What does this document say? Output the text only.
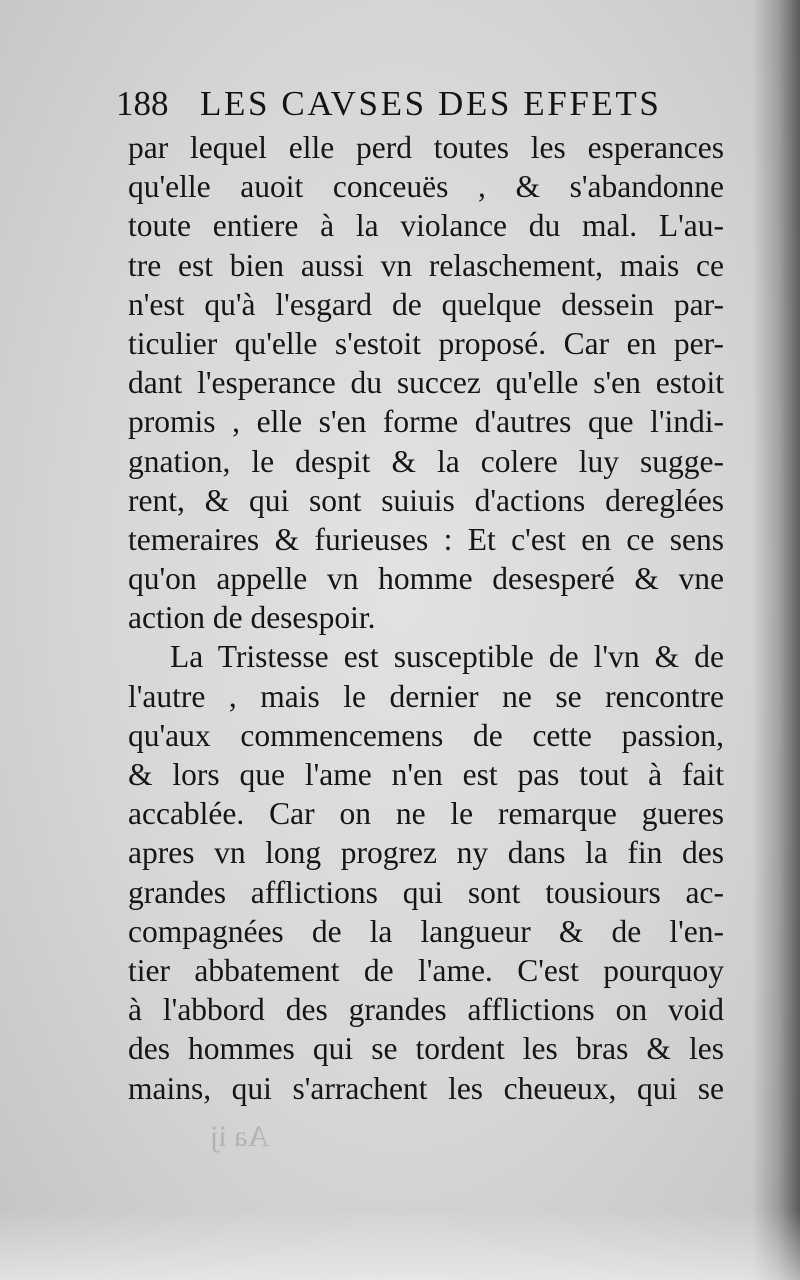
188 LES CAVSES DES EFFETS
par lequel elle perd toutes les esperances
qu'elle auoit conceuës , & s'abandonne
toute entiere à la violance du mal. L'au-
tre est bien aussi vn relaschement, mais ce
n'est qu'à l'esgard de quelque dessein par-
ticulier qu'elle s'estoit proposé. Car en per-
dant l'esperance du succez qu'elle s'en estoit
promis , elle s'en forme d'autres que l'indi-
gnation, le despit & la colere luy sugge-
rent, & qui sont suiuis d'actions dereglées
temeraires & furieuses : Et c'est en ce sens
qu'on appelle vn homme desesperé & vne
action de desespoir.
La Tristesse est susceptible de l'vn & de
l'autre , mais le dernier ne se rencontre
qu'aux commencemens de cette passion,
& lors que l'ame n'en est pas tout à fait
accablée. Car on ne le remarque gueres
apres vn long progrez ny dans la fin des
grandes afflictions qui sont tousiours ac-
compagnées de la langueur & de l'en-
tier abbatement de l'ame. C'est pourquoy
à l'abbord des grandes afflictions on void
des hommes qui se tordent les bras & les
mains, qui s'arrachent les cheueux, qui se
Aa ij
